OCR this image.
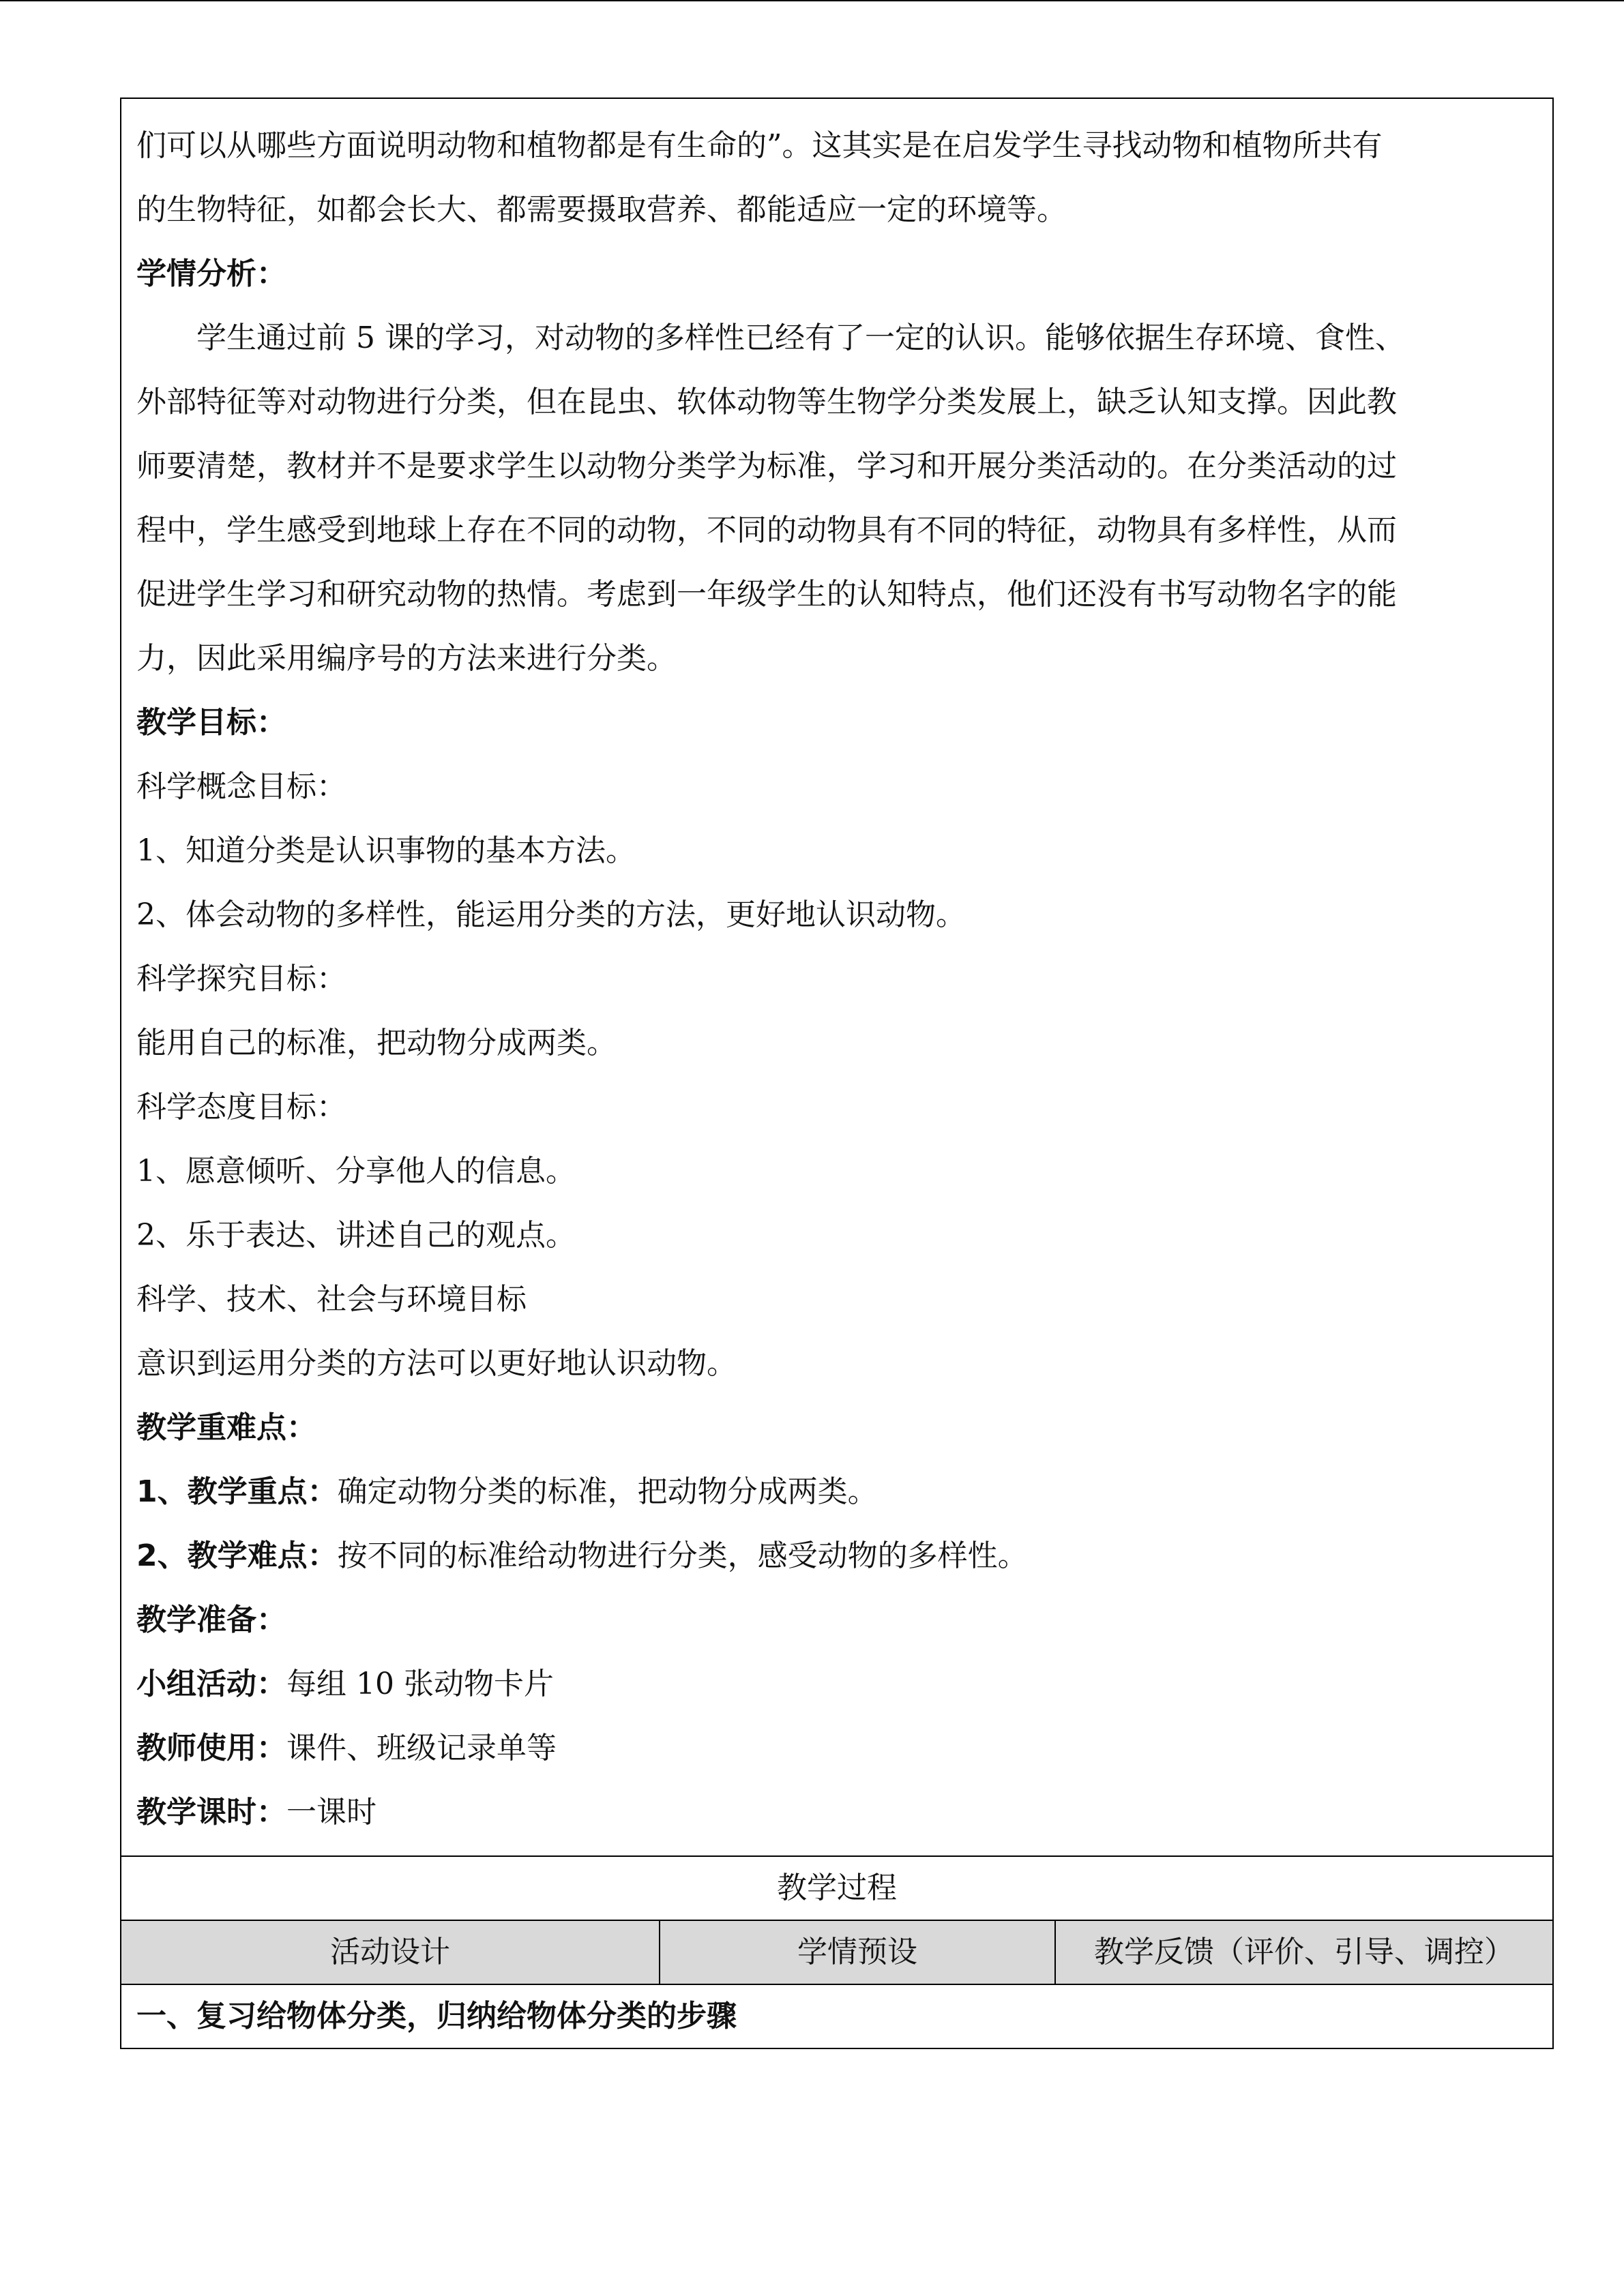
们可以从哪些方面说明动物和植物都是有生命的”。这其实是在启发学生寻找动物和植物所共有
的生物特征，如都会长大、都需要摄取营养、都能适应一定的环境等。
学情分析：
学生通过前 5 课的学习，对动物的多样性已经有了一定的认识。能够依据生存环境、食性、
外部特征等对动物进行分类，但在昆虫、软体动物等生物学分类发展上，缺乏认知支撑。因此教
师要清楚，教材并不是要求学生以动物分类学为标准，学习和开展分类活动的。在分类活动的过
程中，学生感受到地球上存在不同的动物，不同的动物具有不同的特征，动物具有多样性，从而
促进学生学习和研究动物的热情。考虑到一年级学生的认知特点，他们还没有书写动物名字的能
力，因此采用编序号的方法来进行分类。
教学目标：
科学概念目标：
1、知道分类是认识事物的基本方法。
2、体会动物的多样性，能运用分类的方法，更好地认识动物。
科学探究目标：
能用自己的标准，把动物分成两类。
科学态度目标：
1、愿意倾听、分享他人的信息。
2、乐于表达、讲述自己的观点。
科学、技术、社会与环境目标
意识到运用分类的方法可以更好地认识动物。
教学重难点：
1、教学重点：确定动物分类的标准，把动物分成两类。
2、教学难点：按不同的标准给动物进行分类，感受动物的多样性。
教学准备：
小组活动：每组 10 张动物卡片
教师使用：课件、班级记录单等
教学课时：一课时

教学过程
活动设计	学情预设	教学反馈（评价、引导、调控）
一、复习给物体分类，归纳给物体分类的步骤
